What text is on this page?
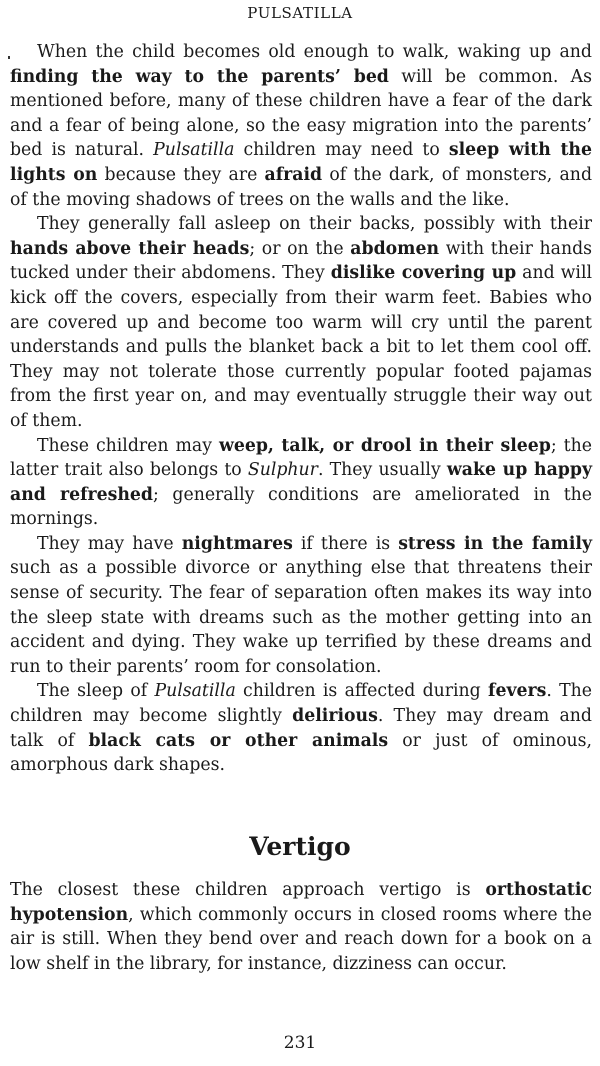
PULSATILLA

When the child becomes old enough to walk, waking up and finding the way to the parents’ bed will be common. As mentioned before, many of these children have a fear of the dark and a fear of being alone, so the easy migration into the parents’ bed is natural. Pulsatilla children may need to sleep with the lights on because they are afraid of the dark, of monsters, and of the moving shadows of trees on the walls and the like.

They generally fall asleep on their backs, possibly with their hands above their heads; or on the abdomen with their hands tucked under their abdomens. They dislike covering up and will kick off the covers, especially from their warm feet. Babies who are covered up and become too warm will cry until the parent understands and pulls the blanket back a bit to let them cool off. They may not tolerate those currently popular footed pajamas from the first year on, and may eventually struggle their way out of them.

These children may weep, talk, or drool in their sleep; the latter trait also belongs to Sulphur. They usually wake up happy and refreshed; generally conditions are ameliorated in the mornings.

They may have nightmares if there is stress in the family such as a possible divorce or anything else that threatens their sense of security. The fear of separation often makes its way into the sleep state with dreams such as the mother getting into an accident and dying. They wake up terrified by these dreams and run to their parents’ room for consolation.

The sleep of Pulsatilla children is affected during fevers. The children may become slightly delirious. They may dream and talk of black cats or other animals or just of ominous, amorphous dark shapes.

Vertigo

The closest these children approach vertigo is orthostatic hypotension, which commonly occurs in closed rooms where the air is still. When they bend over and reach down for a book on a low shelf in the library, for instance, dizziness can occur.

231
